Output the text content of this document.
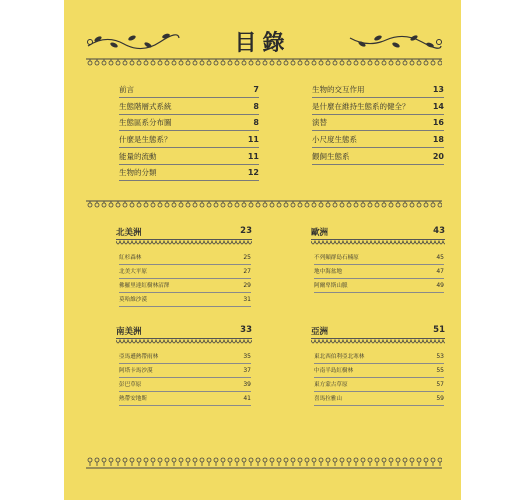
目錄
前言	7
生態階層式系統	8
生態區系分布圖	8
什麼是生態系？	11
能量的流動	11
生物的分類	12
生物的交互作用	13
是什麼在維持生態系的健全？	14
演替	16
小尺度生態系	18
餵飼生態系	20
北美洲	23
紅杉森林	25
北美大平原	27
佛羅里達紅樹林沼澤	29
莫哈維沙漠	31
歐洲	43
不列顛群島石楠原	45
地中海盆地	47
阿爾卑斯山脈	49
南美洲	33
亞馬遜熱帶雨林	35
阿塔卡馬沙漠	37
彭巴草原	39
熱帶安地斯	41
亞洲	51
東北西伯利亞北寒林	53
中南半島紅樹林	55
東方蒙古草原	57
喜馬拉雅山	59
